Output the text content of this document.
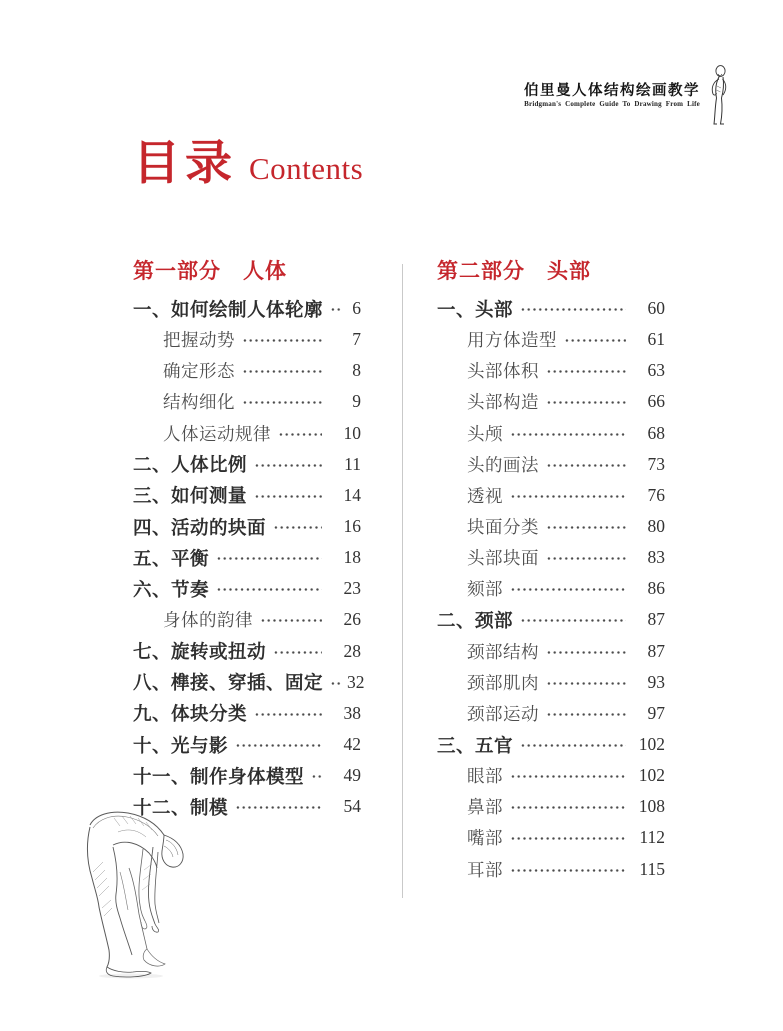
伯里曼人体结构绘画教学
Bridgman's Complete Guide To Drawing From Life
目录 Contents
第一部分　人体
一、如何绘制人体轮廓 6
把握动势	7
确定形态	8
结构细化	9
人体运动规律	10
二、人体比例	11
三、如何测量	14
四、活动的块面	16
五、平衡	18
六、节奏	23
身体的韵律	26
七、旋转或扭动	28
八、榫接、穿插、固定 32
九、体块分类	38
十、光与影	42
十一、制作身体模型	49
十二、制模	54
第二部分　头部
一、头部	60
用方体造型	61
头部体积	63
头部构造	66
头颅	68
头的画法	73
透视	76
块面分类	80
头部块面	83
颏部	86
二、颈部	87
颈部结构	87
颈部肌肉	93
颈部运动	97
三、五官	102
眼部	102
鼻部	108
嘴部	112
耳部	115
